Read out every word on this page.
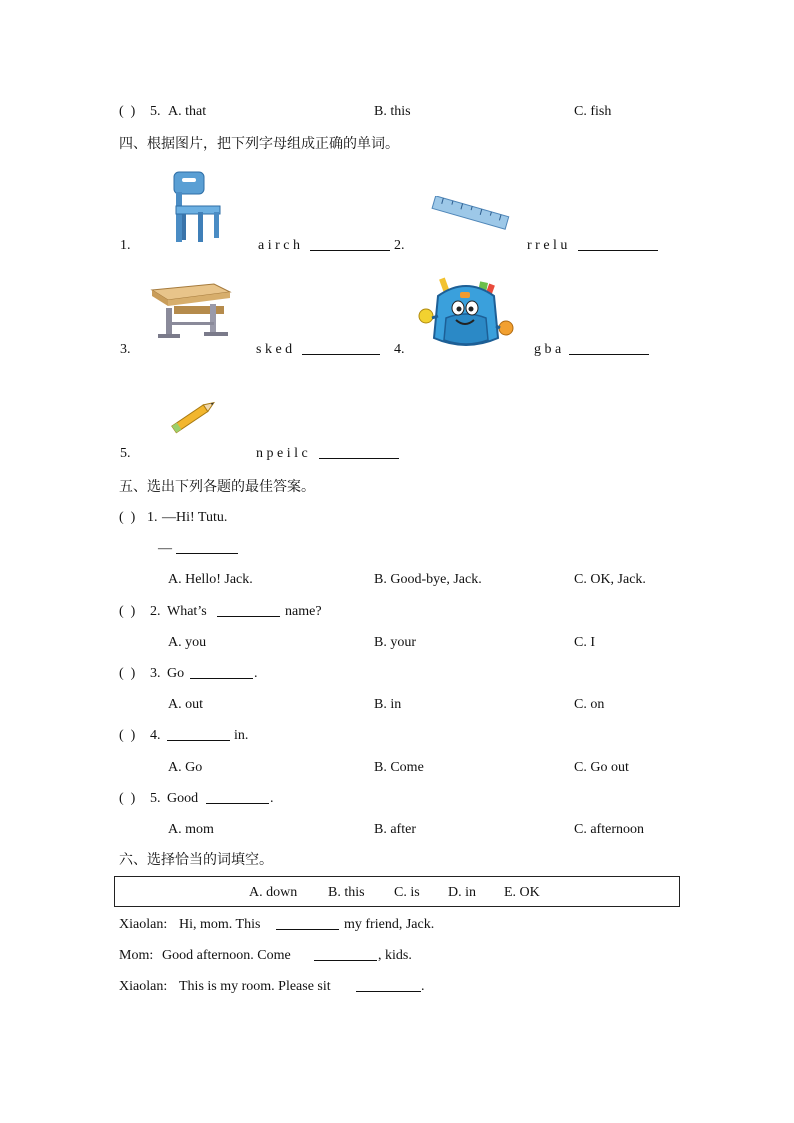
(  ) 5. A. that	B. this	C. fish
四、根据图片，把下列字母组成正确的单词。
1.	a i r c h	2.	r r e l u
3.	s k e d	4.	g b a
5.	n p e i l c
五、选出下列各题的最佳答案。
(  ) 1. —Hi! Tutu.
—
A. Hello! Jack.	B. Good-bye, Jack.	C. OK, Jack.
(  ) 2. What’s	name?
A. you	B. your	C. I
(  ) 3. Go	.
A. out	B. in	C. on
(  ) 4.	in.
A. Go	B. Come	C. Go out
(  ) 5. Good	.
A. mom	B. after	C. afternoon
六、选择恰当的词填空。
A. down B. this C. is D. in E. OK
Xiaolan: Hi, mom. This	my friend, Jack.
Mom: Good afternoon. Come	, kids.
Xiaolan: This is my room. Please sit	.
